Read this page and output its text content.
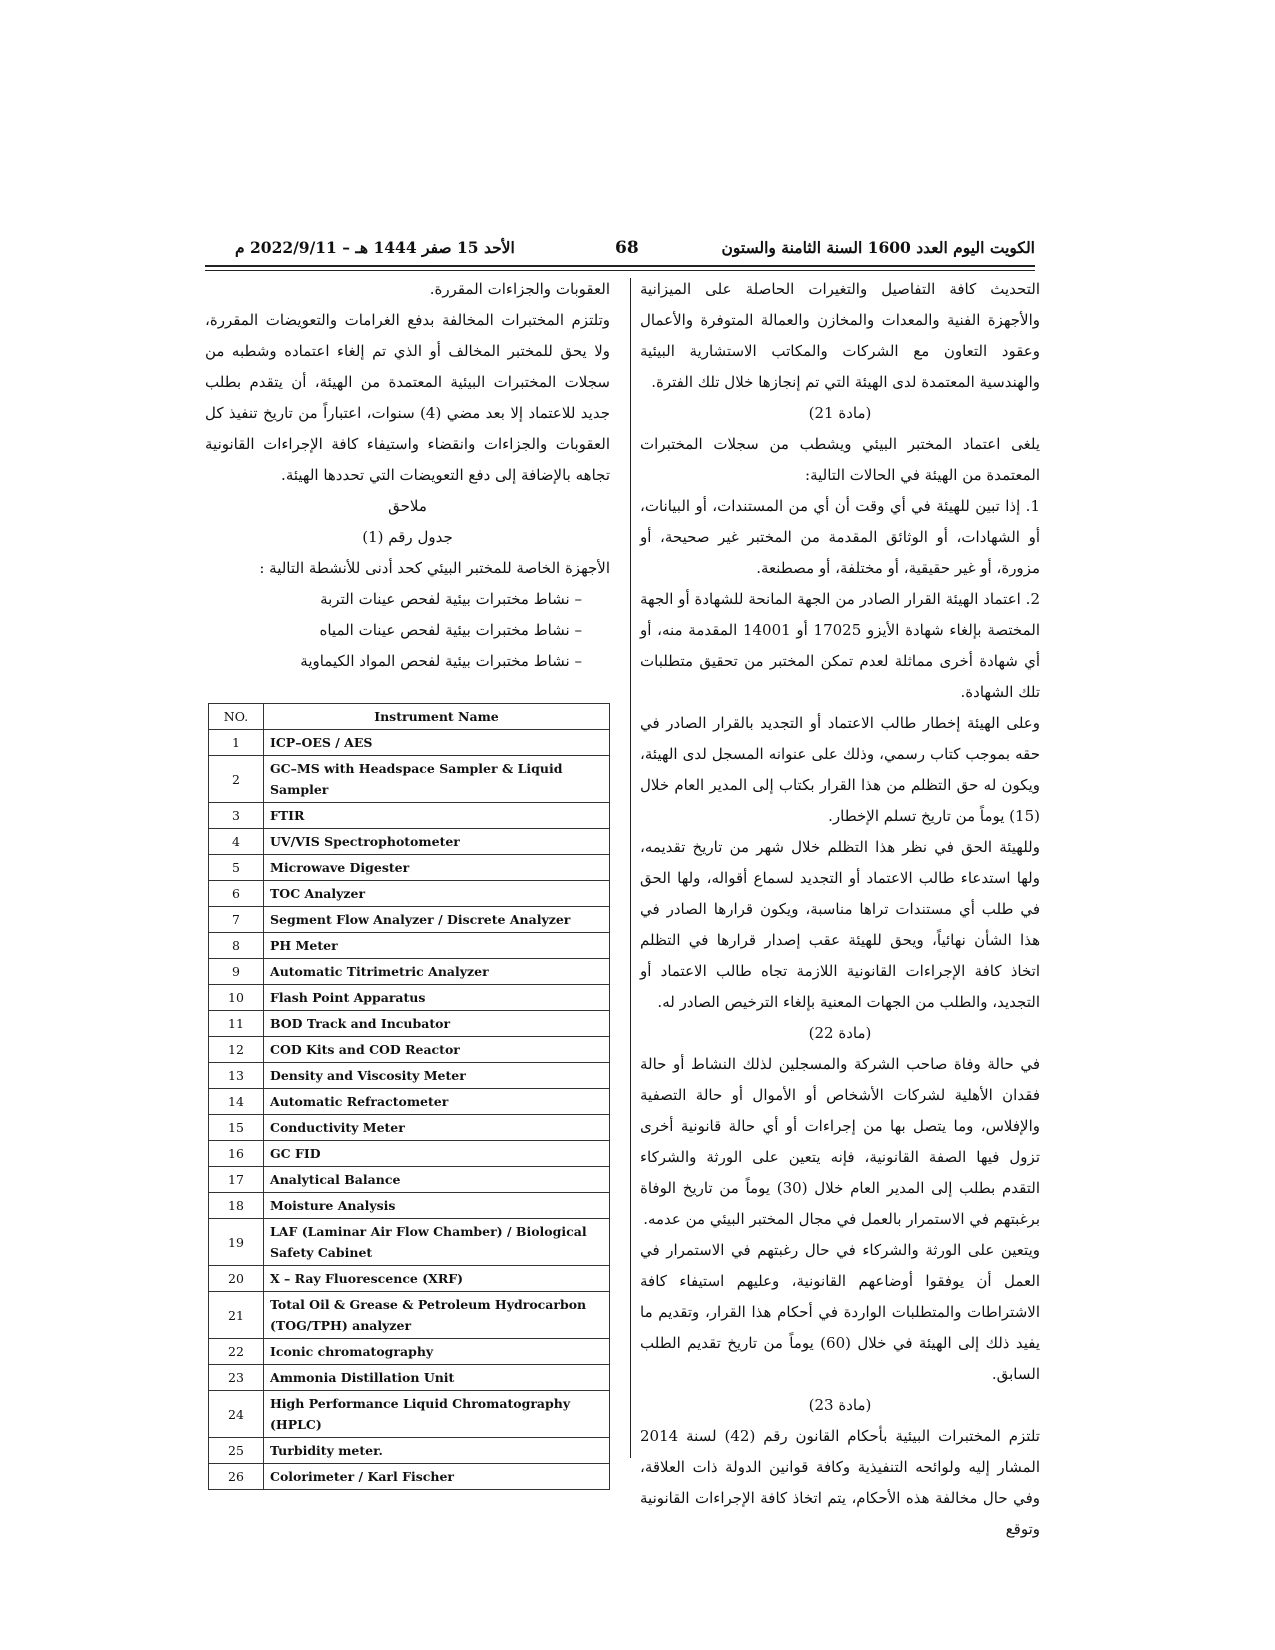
الكويت اليوم العدد 1600 السنة الثامنة والستون
68
الأحد 15 صفر 1444 هـ – 2022/9/11 م

التحديث كافة التفاصيل والتغيرات الحاصلة على الميزانية والأجهزة الفنية والمعدات والمخازن والعمالة المتوفرة والأعمال وعقود التعاون مع الشركات والمكاتب الاستشارية البيئية والهندسية المعتمدة لدى الهيئة التي تم إنجازها خلال تلك الفترة.

(مادة 21)

يلغى اعتماد المختبر البيئي ويشطب من سجلات المختبرات المعتمدة من الهيئة في الحالات التالية:

1. إذا تبين للهيئة في أي وقت أن أي من المستندات، أو البيانات، أو الشهادات، أو الوثائق المقدمة من المختبر غير صحيحة، أو مزورة، أو غير حقيقية، أو مختلفة، أو مصطنعة.

2. اعتماد الهيئة القرار الصادر من الجهة المانحة للشهادة أو الجهة المختصة بإلغاء شهادة الأيزو 17025 أو 14001 المقدمة منه، أو أي شهادة أخرى مماثلة لعدم تمكن المختبر من تحقيق متطلبات تلك الشهادة.

وعلى الهيئة إخطار طالب الاعتماد أو التجديد بالقرار الصادر في حقه بموجب كتاب رسمي، وذلك على عنوانه المسجل لدى الهيئة، ويكون له حق التظلم من هذا القرار بكتاب إلى المدير العام خلال (15) يوماً من تاريخ تسلم الإخطار.

وللهيئة الحق في نظر هذا التظلم خلال شهر من تاريخ تقديمه، ولها استدعاء طالب الاعتماد أو التجديد لسماع أقواله، ولها الحق في طلب أي مستندات تراها مناسبة، ويكون قرارها الصادر في هذا الشأن نهائياً، ويحق للهيئة عقب إصدار قرارها في التظلم اتخاذ كافة الإجراءات القانونية اللازمة تجاه طالب الاعتماد أو التجديد، والطلب من الجهات المعنية بإلغاء الترخيص الصادر له.

(مادة 22)

في حالة وفاة صاحب الشركة والمسجلين لذلك النشاط أو حالة فقدان الأهلية لشركات الأشخاص أو الأموال أو حالة التصفية والإفلاس، وما يتصل بها من إجراءات أو أي حالة قانونية أخرى تزول فيها الصفة القانونية، فإنه يتعين على الورثة والشركاء التقدم بطلب إلى المدير العام خلال (30) يوماً من تاريخ الوفاة برغبتهم في الاستمرار بالعمل في مجال المختبر البيئي من عدمه.

ويتعين على الورثة والشركاء في حال رغبتهم في الاستمرار في العمل أن يوفقوا أوضاعهم القانونية، وعليهم استيفاء كافة الاشتراطات والمتطلبات الواردة في أحكام هذا القرار، وتقديم ما يفيد ذلك إلى الهيئة في خلال (60) يوماً من تاريخ تقديم الطلب السابق.

(مادة 23)

تلتزم المختبرات البيئية بأحكام القانون رقم (42) لسنة 2014 المشار إليه ولوائحه التنفيذية وكافة قوانين الدولة ذات العلاقة، وفي حال مخالفة هذه الأحكام، يتم اتخاذ كافة الإجراءات القانونية وتوقع

العقوبات والجزاءات المقررة.

وتلتزم المختبرات المخالفة بدفع الغرامات والتعويضات المقررة، ولا يحق للمختبر المخالف أو الذي تم إلغاء اعتماده وشطبه من سجلات المختبرات البيئية المعتمدة من الهيئة، أن يتقدم بطلب جديد للاعتماد إلا بعد مضي (4) سنوات، اعتباراً من تاريخ تنفيذ كل العقوبات والجزاءات وانقضاء واستيفاء كافة الإجراءات القانونية تجاهه بالإضافة إلى دفع التعويضات التي تحددها الهيئة.

ملاحق

جدول رقم (1)

الأجهزة الخاصة للمختبر البيئي كحد أدنى للأنشطة التالية :

– نشاط مختبرات بيئية لفحص عينات التربة

– نشاط مختبرات بيئية لفحص عينات المياه

– نشاط مختبرات بيئية لفحص المواد الكيماوية

NO.	Instrument Name
1	ICP–OES / AES
2	GC–MS with Headspace Sampler & Liquid Sampler
3	FTIR
4	UV/VIS Spectrophotometer
5	Microwave Digester
6	TOC Analyzer
7	Segment Flow Analyzer / Discrete Analyzer
8	PH Meter
9	Automatic Titrimetric Analyzer
10	Flash Point Apparatus
11	BOD Track and Incubator
12	COD Kits and COD Reactor
13	Density and Viscosity Meter
14	Automatic Refractometer
15	Conductivity Meter
16	GC FID
17	Analytical Balance
18	Moisture Analysis
19	LAF (Laminar Air Flow Chamber) / Biological Safety Cabinet
20	X – Ray Fluorescence (XRF)
21	Total Oil & Grease & Petroleum Hydrocarbon (TOG/TPH) analyzer
22	Iconic chromatography
23	Ammonia Distillation Unit
24	High Performance Liquid Chromatography (HPLC)
25	Turbidity meter.
26	Colorimeter / Karl Fischer
